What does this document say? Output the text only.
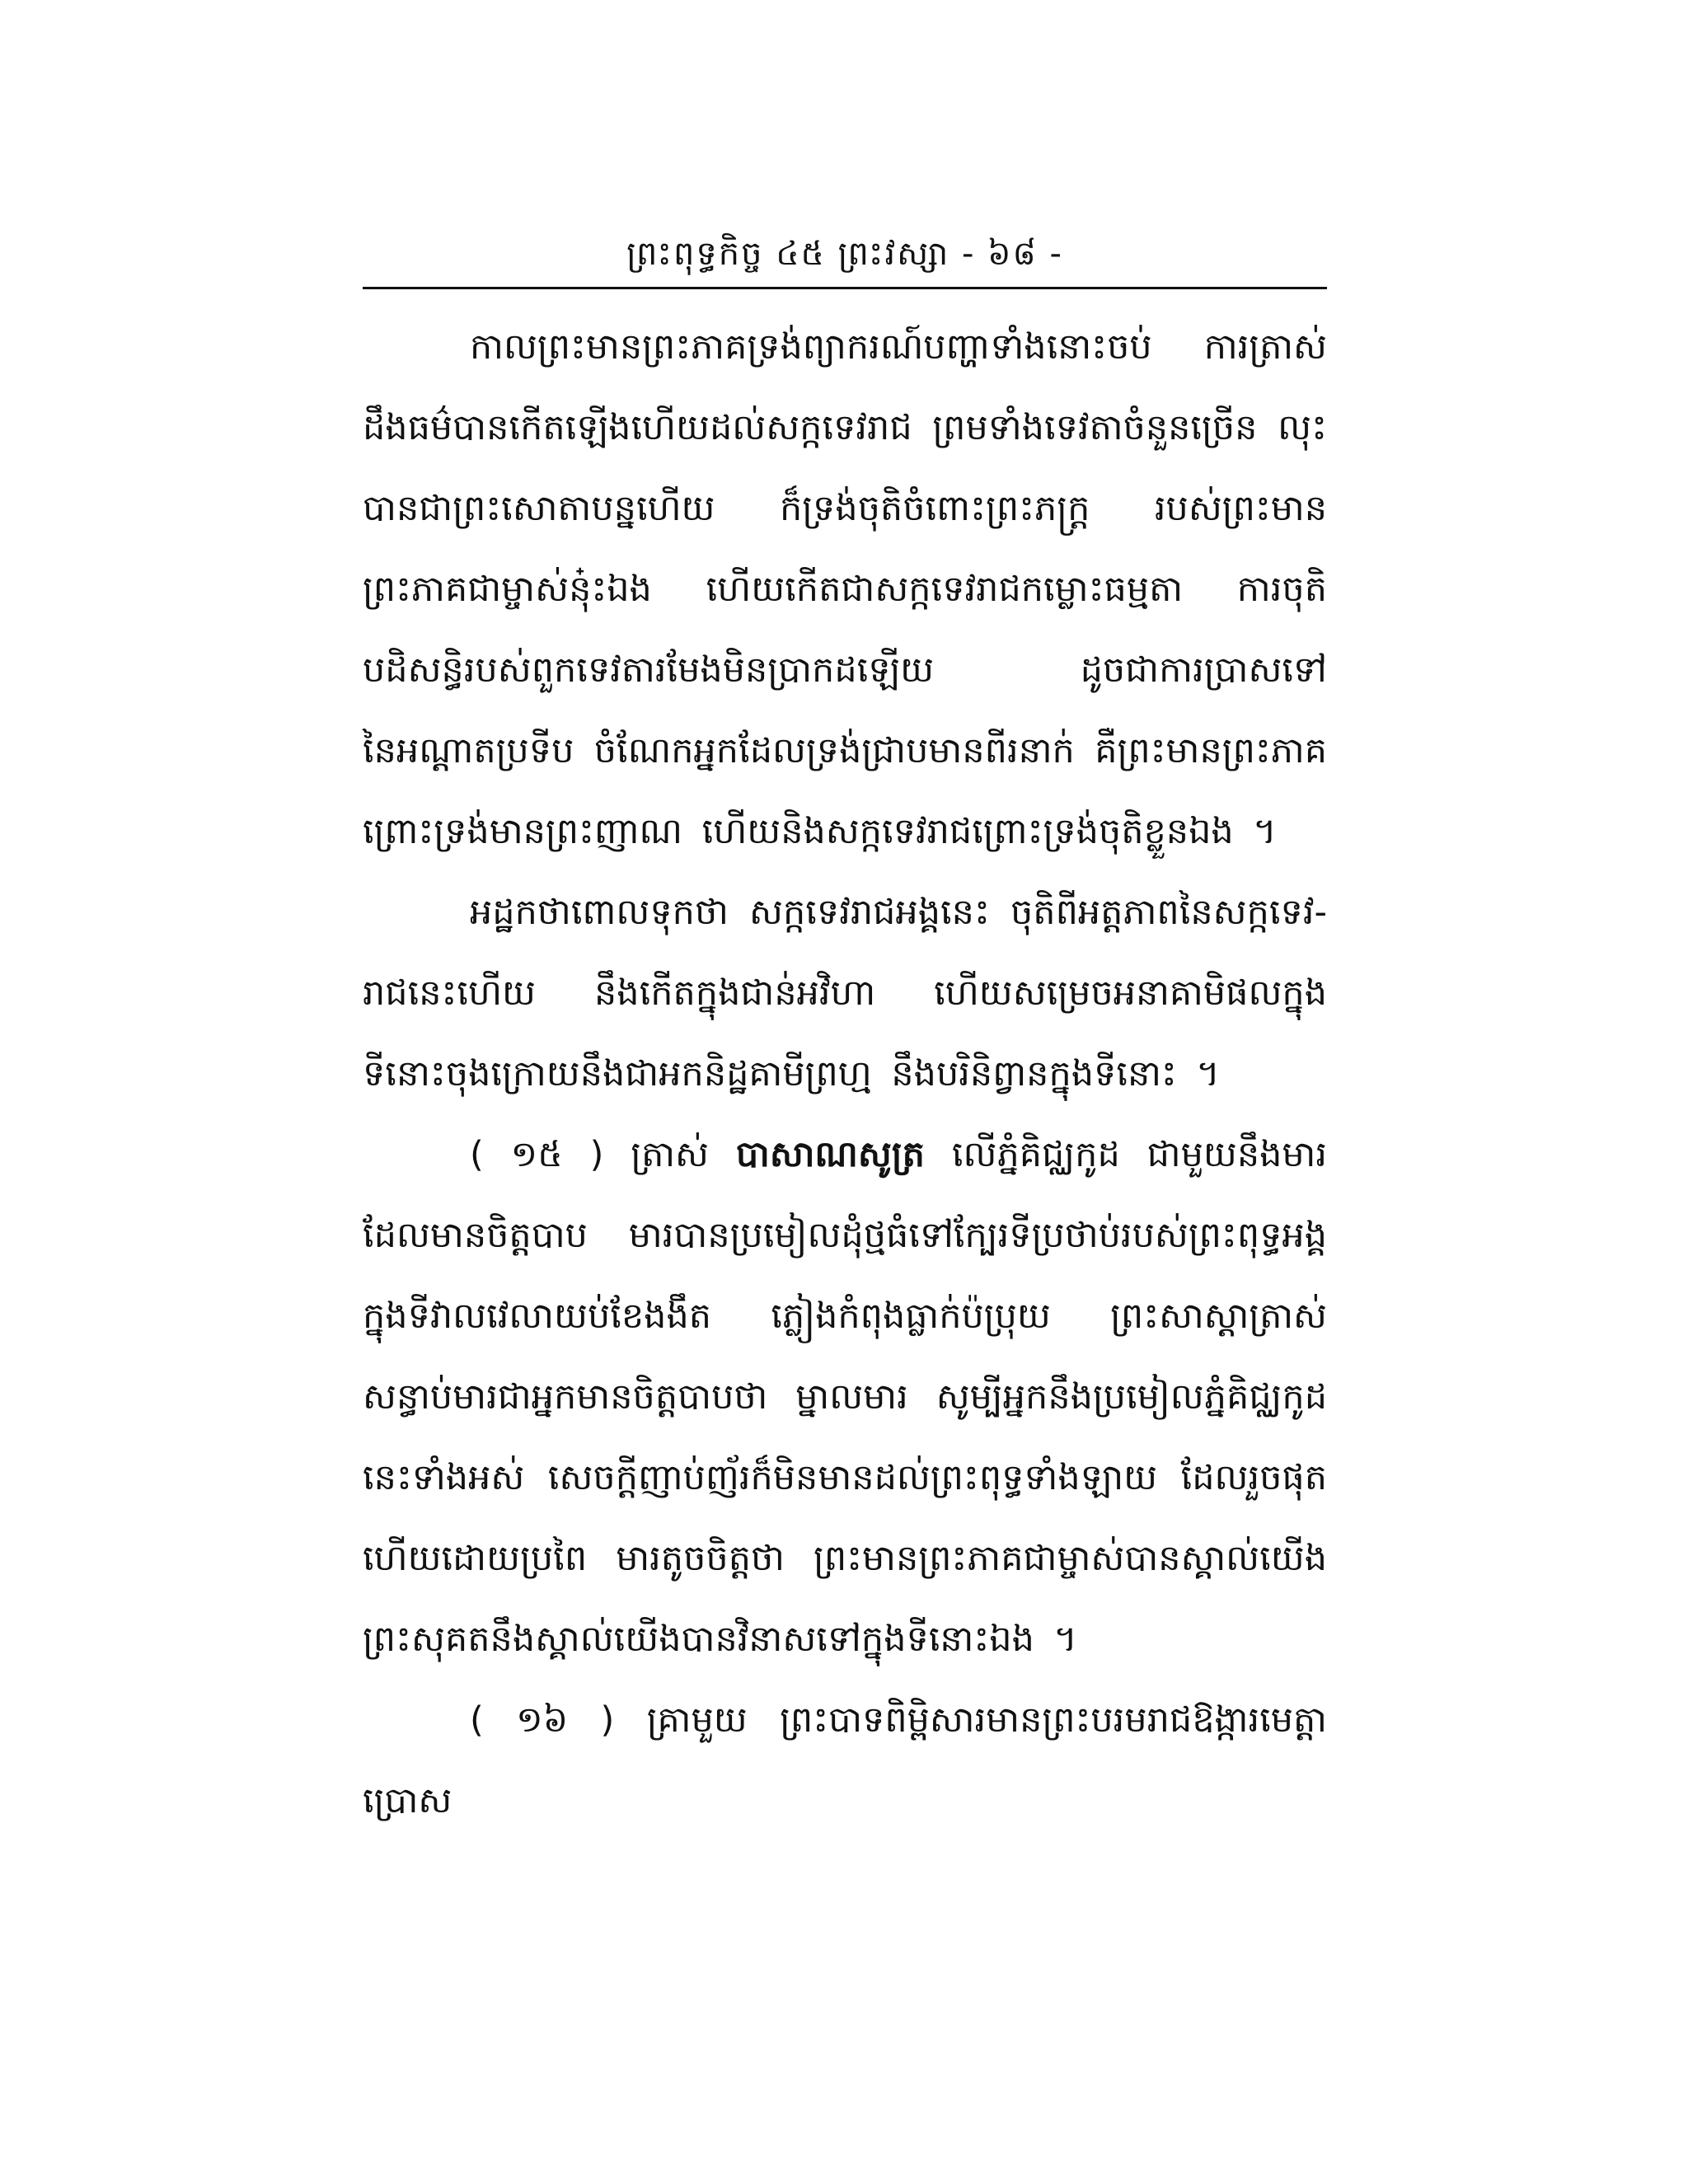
ព្រះពុទ្ធកិច្ច ៤៥ ព្រះវស្សា ‐ ៦៨ ‐

កាលព្រះមានព្រះភាគទ្រង់ព្យាករណ៍បញ្ហាទាំងនោះចប់ ការត្រាស់ដឹងធម៌បានកើតឡើងហើយដល់សក្កទេវរាជ ព្រមទាំងទេវតាចំនួនច្រើន លុះបានជាព្រះសោតាបន្នហើយ ក៏ទ្រង់ចុតិចំពោះព្រះភក្ត្រ របស់ព្រះមានព្រះភាគជាម្ចាស់នុ៎ះឯង ហើយកើតជាសក្កទេវរាជកម្លោះធម្មតា ការចុតិបដិសន្ធិរបស់ពួកទេវតារមែងមិនប្រាកដឡើយ ដូចជាការប្រាសទៅនៃអណ្តាតប្រទីប ចំណែកអ្នកដែលទ្រង់ជ្រាបមានពីរនាក់ គឺព្រះមានព្រះភាគ ព្រោះទ្រង់មានព្រះញាណ ហើយនិងសក្កទេវរាជព្រោះទ្រង់ចុតិខ្លួនឯង ។

អដ្ឋកថាពោលទុកថា សក្កទេវរាជអង្គនេះ ចុតិពីអត្តភាពនៃសក្កទេវ‐រាជនេះហើយ នឹងកើតក្នុងជាន់អវិហា ហើយសម្រេចអនាគាមិផលក្នុងទីនោះចុងក្រោយនឹងជាអកនិដ្ឋគាមីព្រហ្ម នឹងបរិនិព្វានក្នុងទីនោះ ។

( ១៥ ) ត្រាស់ បាសាណសូត្រ លើភ្នំគិជ្ឈកូដ ជាមួយនឹងមារដែលមានចិត្តបាប មារបានប្រមៀលដុំថ្មធំទៅក្បែរទីប្រថាប់របស់ព្រះពុទ្ធអង្គ ក្នុងទីវាលវេលាយប់ខែងងឹត ភ្លៀងកំពុងធ្លាក់ប៉ប្រុយ ព្រះសាស្តាត្រាស់សន្ធាប់មារជាអ្នកមានចិត្តបាបថា ម្នាលមារ សូម្បីអ្នកនឹងប្រមៀលភ្នំគិជ្ឈកូដនេះទាំងអស់ សេចក្តីញាប់ញ័រក៏មិនមានដល់ព្រះពុទ្ធទាំងឡាយ ដែលរួចផុតហើយដោយប្រពៃ មារតូចចិត្តថា ព្រះមានព្រះភាគជាម្ចាស់បានស្គាល់យើង ព្រះសុគតនឹងស្គាល់យើងបានវិនាសទៅក្នុងទីនោះឯង ។

( ១៦ ) គ្រាមួយ ព្រះបាទពិម្ពិសារមានព្រះបរមរាជឱង្ការមេត្តាប្រោស
